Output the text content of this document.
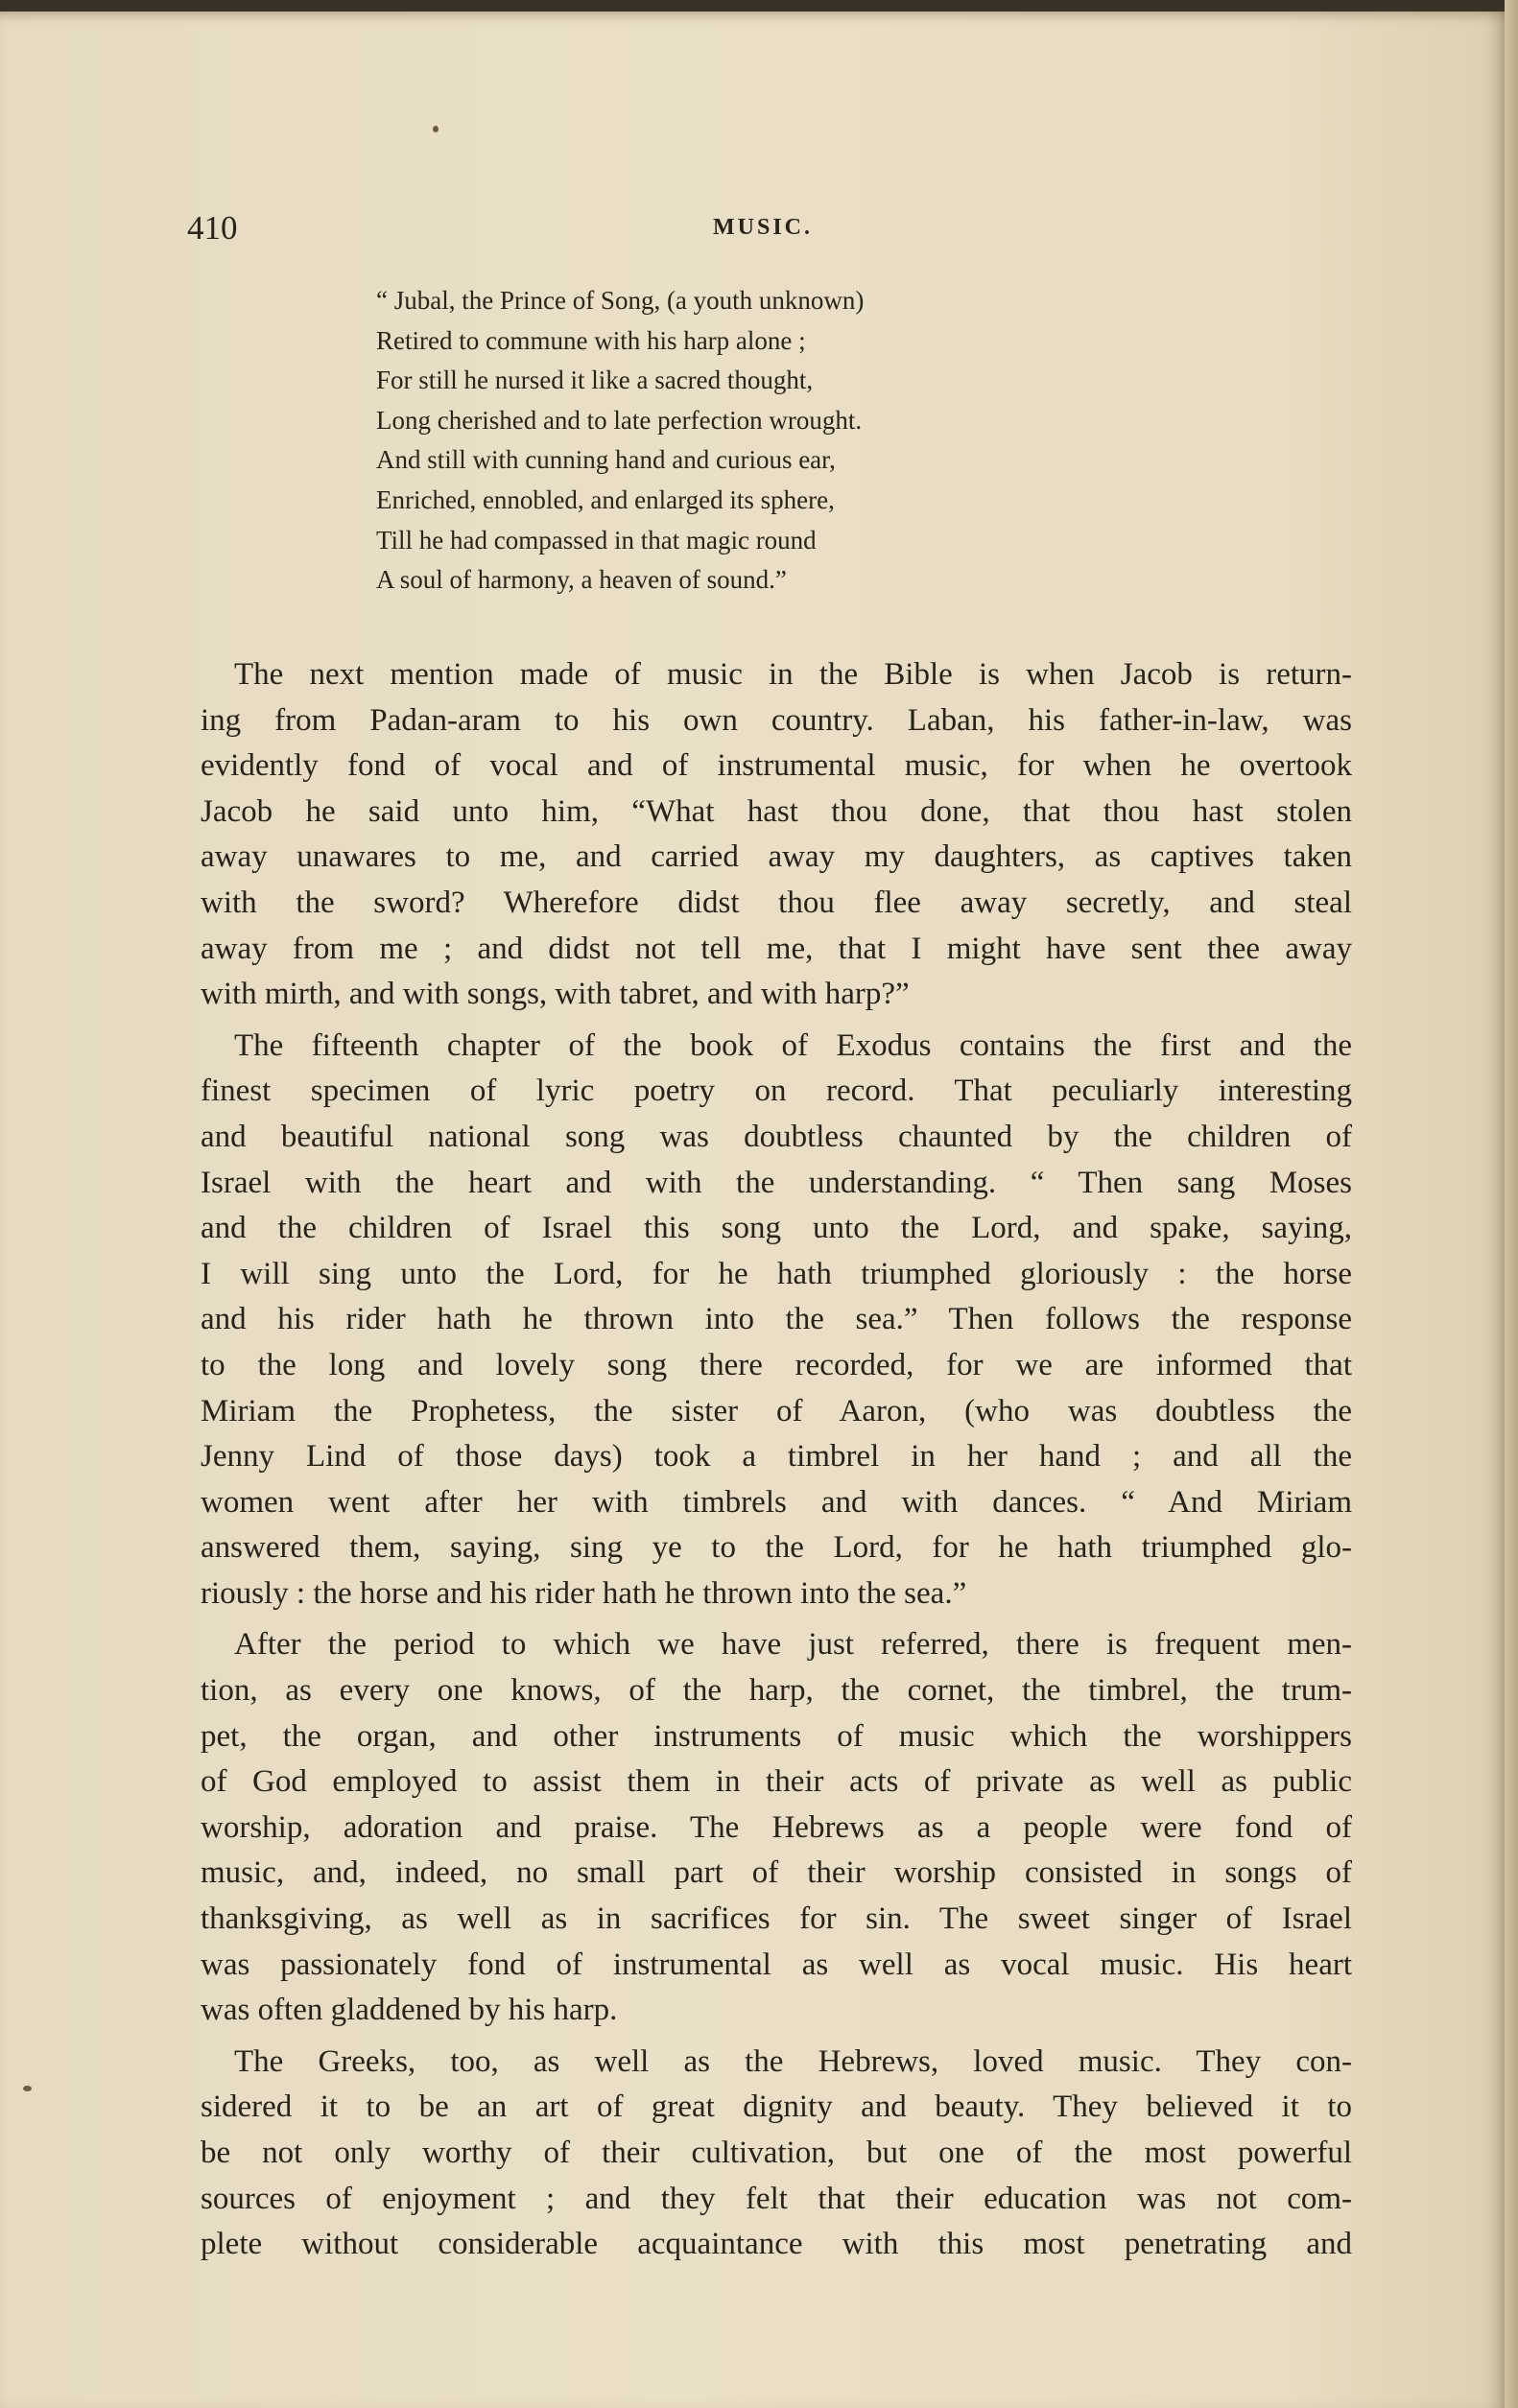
410	MUSIC.
“ Jubal, the Prince of Song, (a youth unknown)
Retired to commune with his harp alone ;
For still he nursed it like a sacred thought,
Long cherished and to late perfection wrought.
And still with cunning hand and curious ear,
Enriched, ennobled, and enlarged its sphere,
Till he had compassed in that magic round
A soul of harmony, a heaven of sound.”
The next mention made of music in the Bible is when Jacob is return-
ing from Padan-aram to his own country. Laban, his father-in-law, was
evidently fond of vocal and of instrumental music, for when he overtook
Jacob he said unto him, “What hast thou done, that thou hast stolen
away unawares to me, and carried away my daughters, as captives taken
with the sword? Wherefore didst thou flee away secretly, and steal
away from me ; and didst not tell me, that I might have sent thee away
with mirth, and with songs, with tabret, and with harp?”
The fifteenth chapter of the book of Exodus contains the first and the
finest specimen of lyric poetry on record. That peculiarly interesting
and beautiful national song was doubtless chaunted by the children of
Israel with the heart and with the understanding. “ Then sang Moses
and the children of Israel this song unto the Lord, and spake, saying,
I will sing unto the Lord, for he hath triumphed gloriously : the horse
and his rider hath he thrown into the sea.” Then follows the response
to the long and lovely song there recorded, for we are informed that
Miriam the Prophetess, the sister of Aaron, (who was doubtless the
Jenny Lind of those days) took a timbrel in her hand ; and all the
women went after her with timbrels and with dances. “ And Miriam
answered them, saying, sing ye to the Lord, for he hath triumphed glo-
riously : the horse and his rider hath he thrown into the sea.”
After the period to which we have just referred, there is frequent men-
tion, as every one knows, of the harp, the cornet, the timbrel, the trum-
pet, the organ, and other instruments of music which the worshippers
of God employed to assist them in their acts of private as well as public
worship, adoration and praise. The Hebrews as a people were fond of
music, and, indeed, no small part of their worship consisted in songs of
thanksgiving, as well as in sacrifices for sin. The sweet singer of Israel
was passionately fond of instrumental as well as vocal music. His heart
was often gladdened by his harp.
The Greeks, too, as well as the Hebrews, loved music. They con-
sidered it to be an art of great dignity and beauty. They believed it to
be not only worthy of their cultivation, but one of the most powerful
sources of enjoyment ; and they felt that their education was not com-
plete without considerable acquaintance with this most penetrating and
